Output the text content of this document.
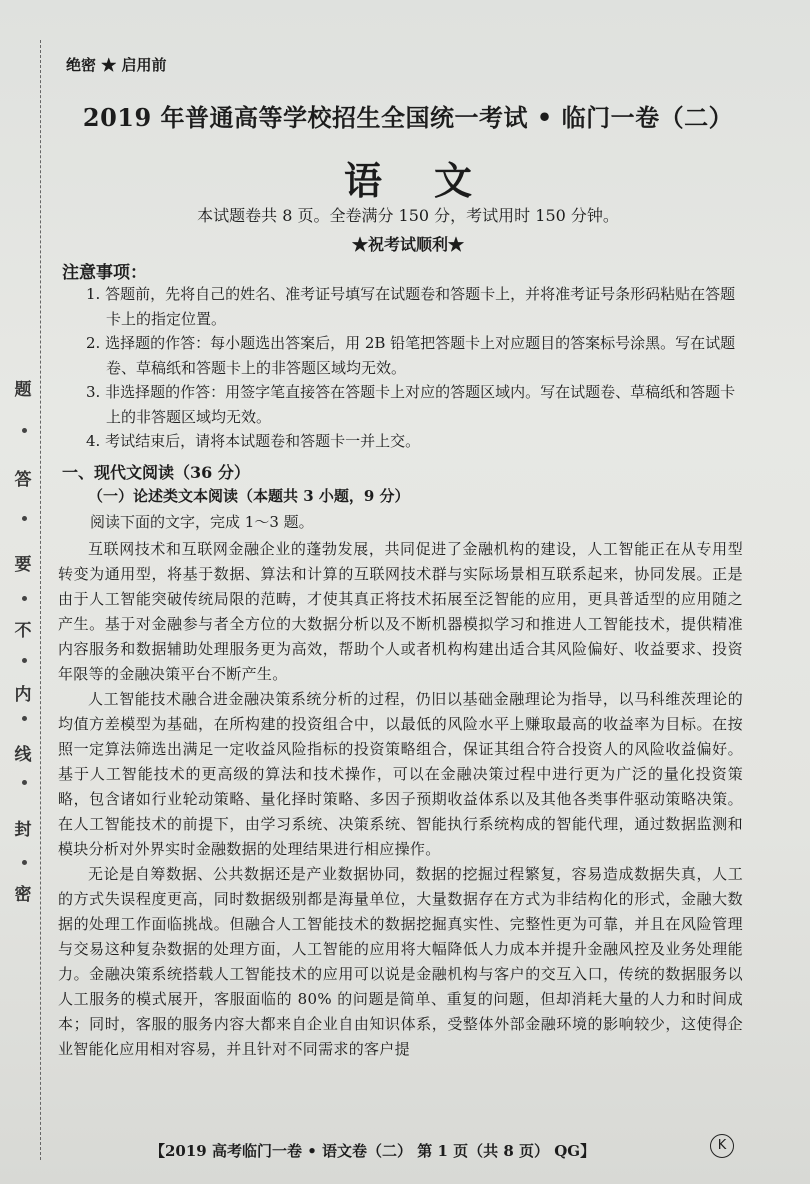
题
答
要
不
内
线
封
密
绝密 ★ 启用前
2019 年普通高等学校招生全国统一考试 • 临门一卷（二）
语文
本试题卷共 8 页。全卷满分 150 分，考试用时 150 分钟。
★祝考试顺利★
注意事项：
1. 答题前，先将自己的姓名、准考证号填写在试题卷和答题卡上，并将准考证号条形码粘贴在答题卡上的指定位置。
2. 选择题的作答：每小题选出答案后，用 2B 铅笔把答题卡上对应题目的答案标号涂黑。写在试题卷、草稿纸和答题卡上的非答题区域均无效。
3. 非选择题的作答：用签字笔直接答在答题卡上对应的答题区域内。写在试题卷、草稿纸和答题卡上的非答题区域均无效。
4. 考试结束后，请将本试题卷和答题卡一并上交。
一、现代文阅读（36 分）
（一）论述类文本阅读（本题共 3 小题，9 分）
阅读下面的文字，完成 1～3 题。

互联网技术和互联网金融企业的蓬勃发展，共同促进了金融机构的建设，人工智能正在从专用型转变为通用型，将基于数据、算法和计算的互联网技术群与实际场景相互联系起来，协同发展。正是由于人工智能突破传统局限的范畴，才使其真正将技术拓展至泛智能的应用，更具普适型的应用随之产生。基于对金融参与者全方位的大数据分析以及不断机器模拟学习和推进人工智能技术，提供精准内容服务和数据辅助处理服务更为高效，帮助个人或者机构构建出适合其风险偏好、收益要求、投资年限等的金融决策平台不断产生。

人工智能技术融合进金融决策系统分析的过程，仍旧以基础金融理论为指导，以马科维茨理论的均值方差模型为基础，在所构建的投资组合中，以最低的风险水平上赚取最高的收益率为目标。在按照一定算法筛选出满足一定收益风险指标的投资策略组合，保证其组合符合投资人的风险收益偏好。基于人工智能技术的更高级的算法和技术操作，可以在金融决策过程中进行更为广泛的量化投资策略，包含诸如行业轮动策略、量化择时策略、多因子预期收益体系以及其他各类事件驱动策略决策。在人工智能技术的前提下，由学习系统、决策系统、智能执行系统构成的智能代理，通过数据监测和模块分析对外界实时金融数据的处理结果进行相应操作。

无论是自筹数据、公共数据还是产业数据协同，数据的挖掘过程繁复，容易造成数据失真，人工的方式失误程度更高，同时数据级别都是海量单位，大量数据存在方式为非结构化的形式，金融大数据的处理工作面临挑战。但融合人工智能技术的数据挖掘真实性、完整性更为可靠，并且在风险管理与交易这种复杂数据的处理方面，人工智能的应用将大幅降低人力成本并提升金融风控及业务处理能力。金融决策系统搭载人工智能技术的应用可以说是金融机构与客户的交互入口，传统的数据服务以人工服务的模式展开，客服面临的 80% 的问题是简单、重复的问题，但却消耗大量的人力和时间成本；同时，客服的服务内容大都来自企业自由知识体系，受整体外部金融环境的影响较少，这使得企业智能化应用相对容易，并且针对不同需求的客户提

【2019 高考临门一卷 • 语文卷（二） 第 1 页（共 8 页） QG】	K
